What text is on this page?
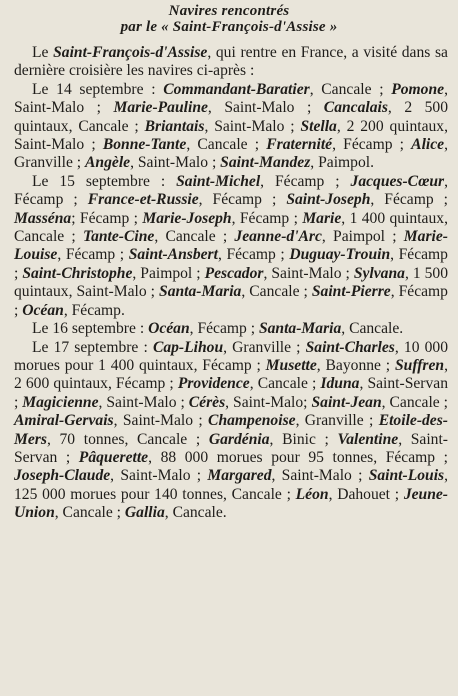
Navires rencontrés
par le « Saint-François-d'Assise »

Le Saint-François-d'Assise, qui rentre en France, a visité dans sa dernière croisière les navires ci-après :

Le 14 septembre : Commandant-Baratier, Cancale ; Pomone, Saint-Malo ; Marie-Pauline, Saint-Malo ; Cancalais, 2 500 quintaux, Cancale ; Briantais, Saint-Malo ; Stella, 2 200 quintaux, Saint-Malo ; Bonne-Tante, Cancale ; Fraternité, Fécamp ; Alice, Granville ; Angèle, Saint-Malo ; Saint-Mandez, Paimpol.

Le 15 septembre : Saint-Michel, Fécamp ; Jacques-Cœur, Fécamp ; France-et-Russie, Fécamp ; Saint-Joseph, Fécamp ; Masséna; Fécamp ; Marie-Joseph, Fécamp ; Marie, 1 400 quintaux, Cancale ; Tante-Cine, Cancale ; Jeanne-d'Arc, Paimpol ; Marie-Louise, Fécamp ; Saint-Ansbert, Fécamp ; Duguay-Trouin, Fécamp ; Saint-Christophe, Paimpol ; Pescador, Saint-Malo ; Sylvana, 1 500 quintaux, Saint-Malo ; Santa-Maria, Cancale ; Saint-Pierre, Fécamp ; Océan, Fécamp.

Le 16 septembre : Océan, Fécamp ; Santa-Maria, Cancale.

Le 17 septembre : Cap-Lihou, Granville ; Saint-Charles, 10 000 morues pour 1 400 quintaux, Fécamp ; Musette, Bayonne ; Suffren, 2 600 quintaux, Fécamp ; Providence, Cancale ; Iduna, Saint-Servan ; Magicienne, Saint-Malo ; Cérès, Saint-Malo; Saint-Jean, Cancale ; Amiral-Gervais, Saint-Malo ; Champenoise, Granville ; Etoile-des-Mers, 70 tonnes, Cancale ; Gardénia, Binic ; Valentine, Saint-Servan ; Pâquerette, 88 000 morues pour 95 tonnes, Fécamp ; Joseph-Claude, Saint-Malo ; Margared, Saint-Malo ; Saint-Louis, 125 000 morues pour 140 tonnes, Cancale ; Léon, Dahouet ; Jeune-Union, Cancale ; Gallia, Cancale.
